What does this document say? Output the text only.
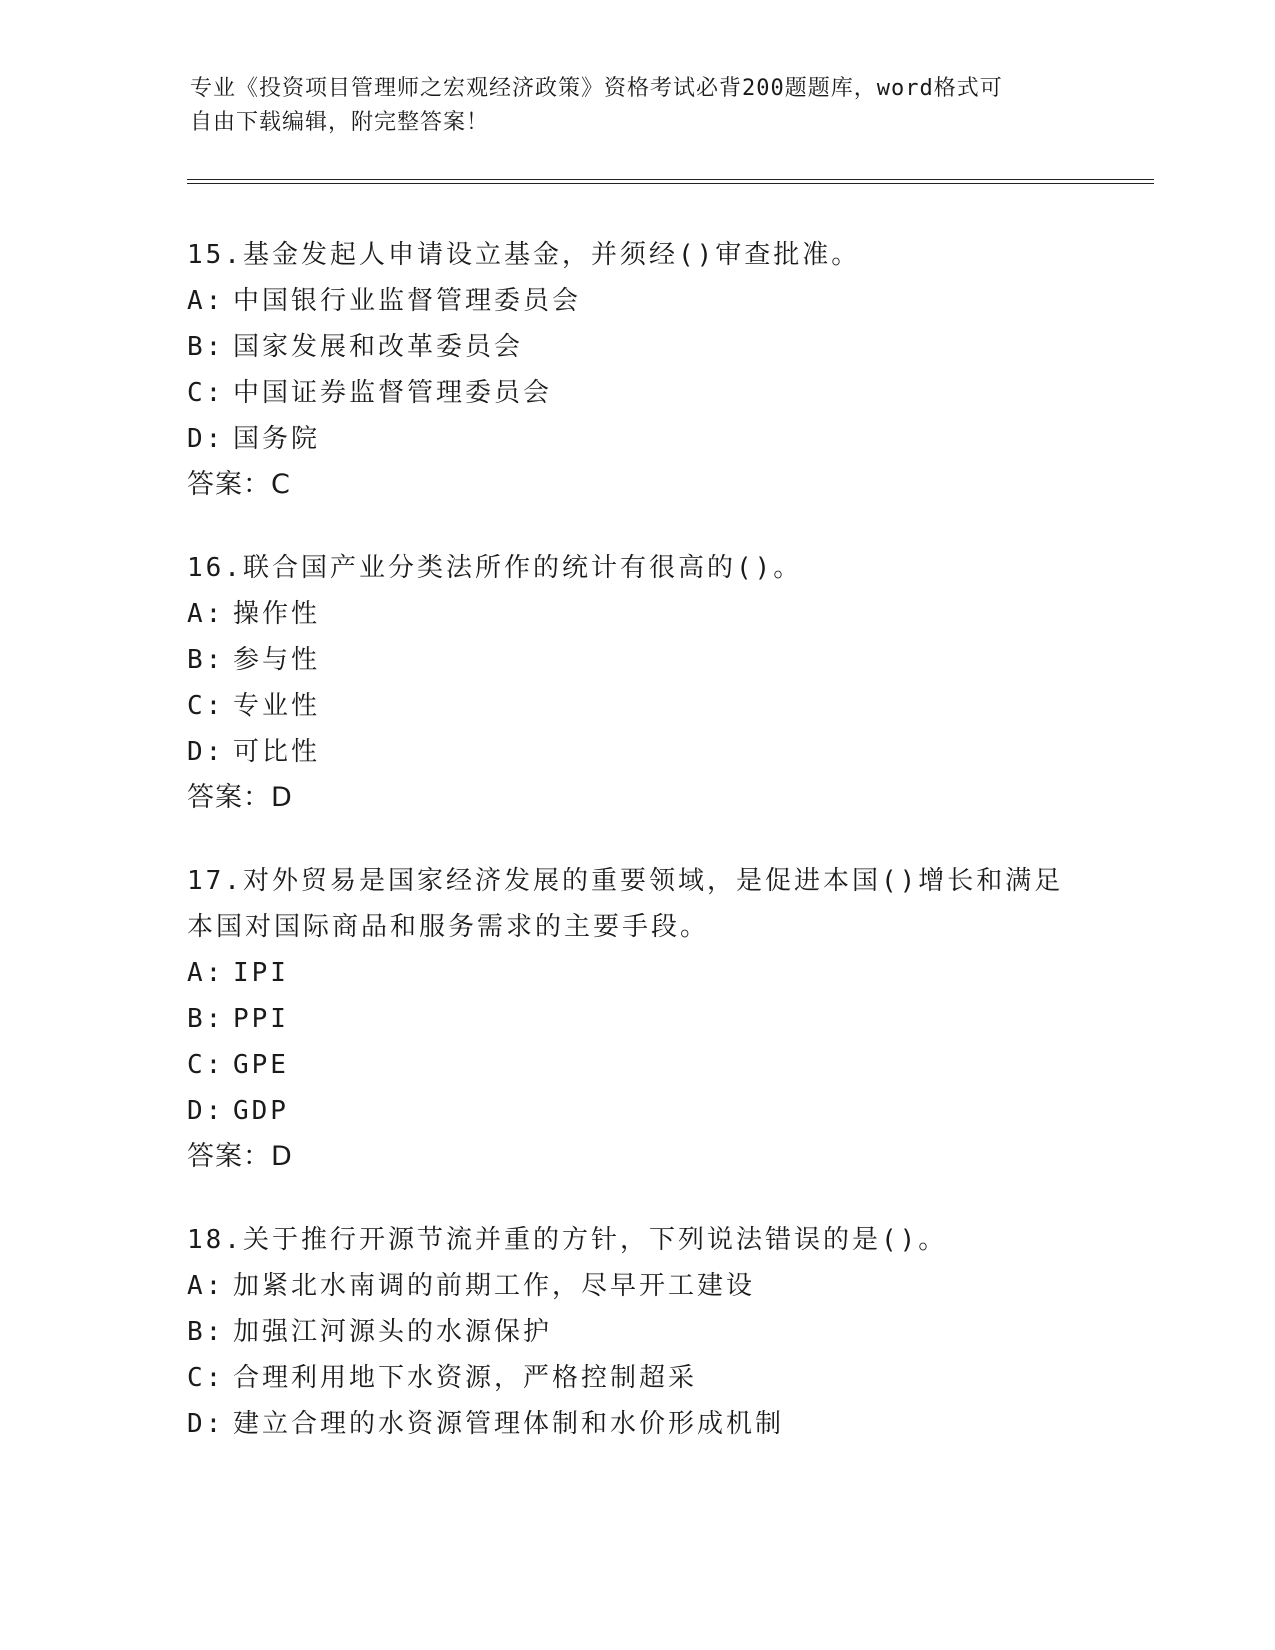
专业《投资项目管理师之宏观经济政策》资格考试必背200题题库，word格式可
自由下载编辑，附完整答案！
15.基金发起人申请设立基金，并须经()审查批准。
A: 中国银行业监督管理委员会
B: 国家发展和改革委员会
C: 中国证券监督管理委员会
D: 国务院
答案：C
16.联合国产业分类法所作的统计有很高的()。
A: 操作性
B: 参与性
C: 专业性
D: 可比性
答案：D
17.对外贸易是国家经济发展的重要领域，是促进本国()增长和满足本国对国际商品和服务需求的主要手段。
A: IPI
B: PPI
C: GPE
D: GDP
答案：D
18.关于推行开源节流并重的方针，下列说法错误的是()。
A: 加紧北水南调的前期工作，尽早开工建设
B: 加强江河源头的水源保护
C: 合理利用地下水资源，严格控制超采
D: 建立合理的水资源管理体制和水价形成机制
